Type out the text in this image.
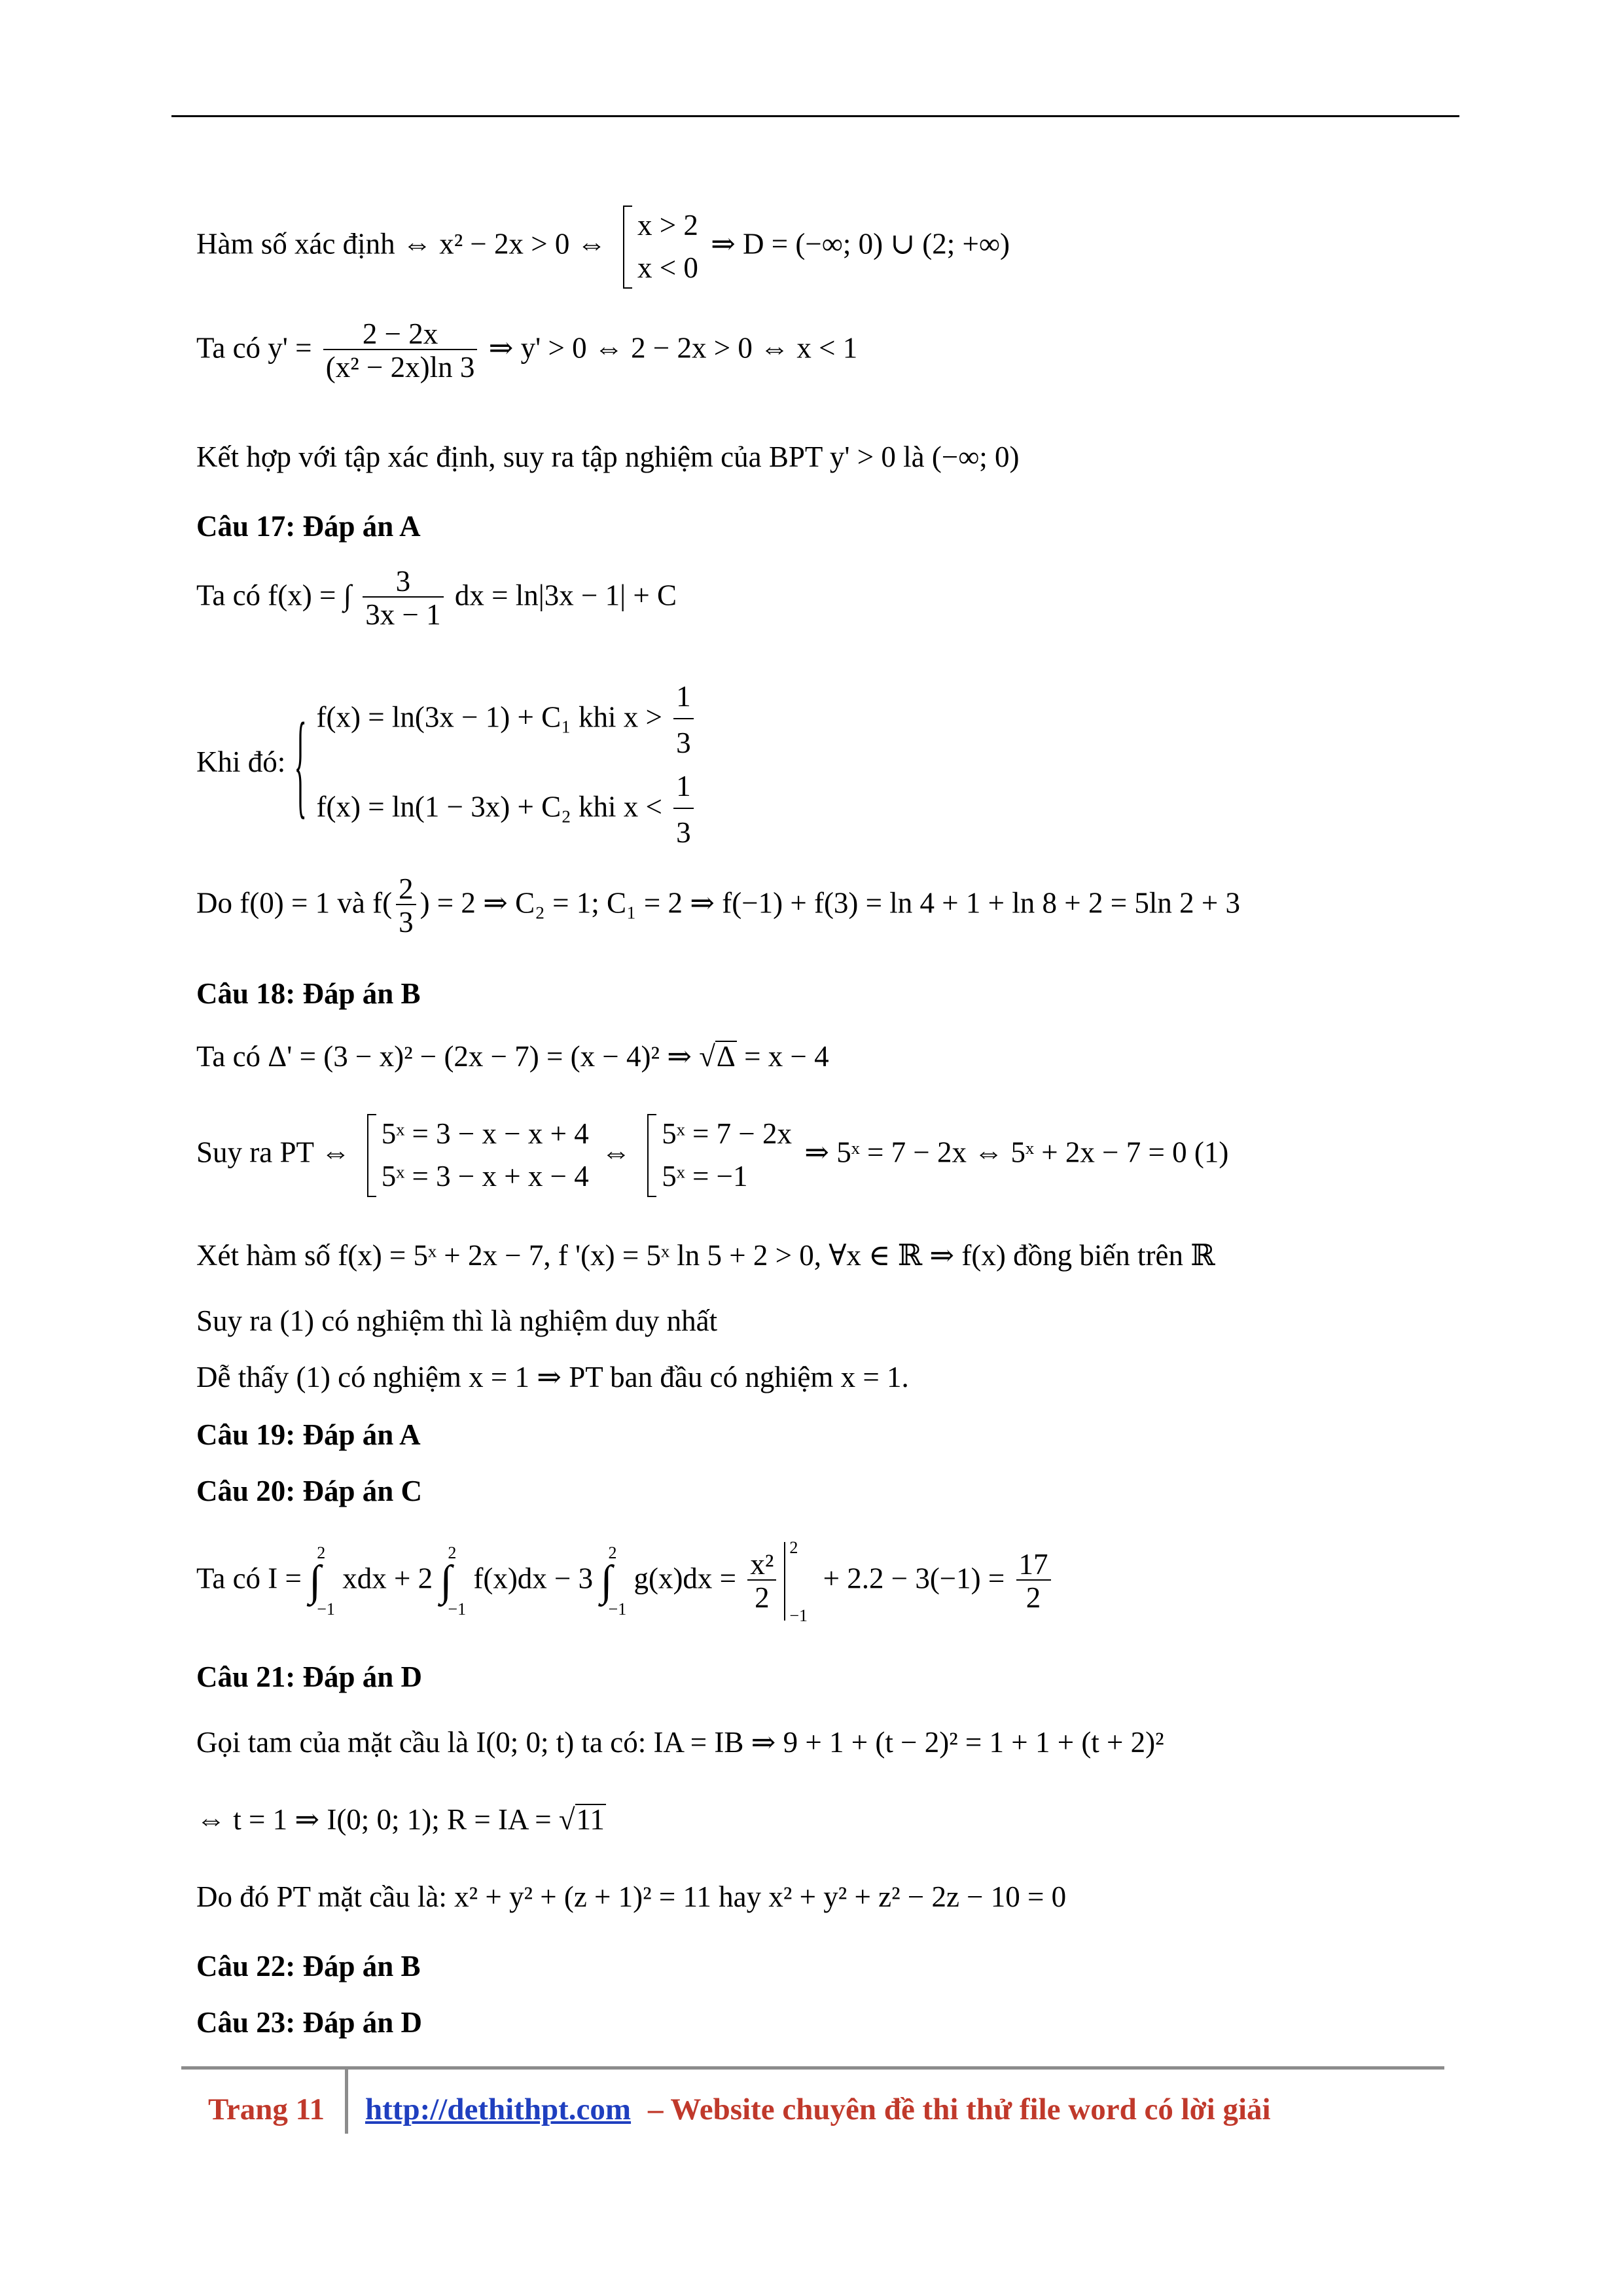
Hàm số xác định ⇔ x² − 2x > 0 ⇔
x > 2
x < 0
⇒ D = (−∞; 0) ∪ (2; +∞)
Ta có $y' = \frac{2 - 2x}{\text{(x² − 2x)ln 3}}$ ⇒ y' > 0 ⇔ 2 − 2x > 0 ⇔ x < 1
Kết hợp với tập xác định, suy ra tập nghiệm của BPT y' > 0 là (−∞; 0)
Câu 17: Đáp án A
Ta có f(x) = ∫ $\frac{3}{3x - 1}$ dx = ln|3x − 1| + C
Khi đó:
{ f(x) = ln(3x − 1) + C₁ khi $x > \frac{1}{3}$
f(x) = ln(1 − 3x) + C₂ khi $x < \frac{1}{3}$
Do f(0) = 1 và $f( \frac{2}{3}$ ) = 2 ⇒ C₂ = 1; C₁ = 2 ⇒ f(−1) + f(3) = ln 4 + 1 + ln 8 + 2 = 5ln 2 + 3
Câu 18: Đáp án B
Ta có Δ' = (3 − x)² − (2x − 7) = (x − 4)² ⇒ √Δ = x − 4
Suy ra PT ⇔
5ˣ = 3 − x − x + 4
5ˣ = 3 − x + x − 4
⇔
5ˣ = 7 − 2x
5ˣ = −1
⇒ 5ˣ = 7 − 2x ⇔ 5ˣ + 2x − 7 = 0 (1)
Xét hàm số f(x) = 5ˣ + 2x − 7, f '(x) = 5ˣ ln 5 + 2 > 0, ∀x ∈ ℝ ⇒ f(x) đồng biến trên ℝ
Suy ra (1) có nghiệm thì là nghiệm duy nhất
Dễ thấy (1) có nghiệm x = 1 ⇒ PT ban đầu có nghiệm x = 1.
Câu 19: Đáp án A
Câu 20: Đáp án C
Ta có I = ∫
2
−1
xdx + 2 ∫
2
−1
f(x)dx − 3 ∫
2
−1
$g(x)dx = \frac{\text{x²}}{2}$
2
−1
+ $2.2 - 3(-1) = \frac{17}{2}$
Câu 21: Đáp án D
Gọi tam của mặt cầu là I(0; 0; t) ta có: IA = IB ⇒ 9 + 1 + (t − 2)² = 1 + 1 + (t + 2)²
⇔ t = 1 ⇒ I(0; 0; 1); R = IA = √11
Do đó PT mặt cầu là: x² + y² + (z + 1)² = 11 hay x² + y² + z² − 2z − 10 = 0
Câu 22: Đáp án B
Câu 23: Đáp án D
Trang 11 http://dethithpt.com – Website chuyên đề thi thử file word có lời giải
